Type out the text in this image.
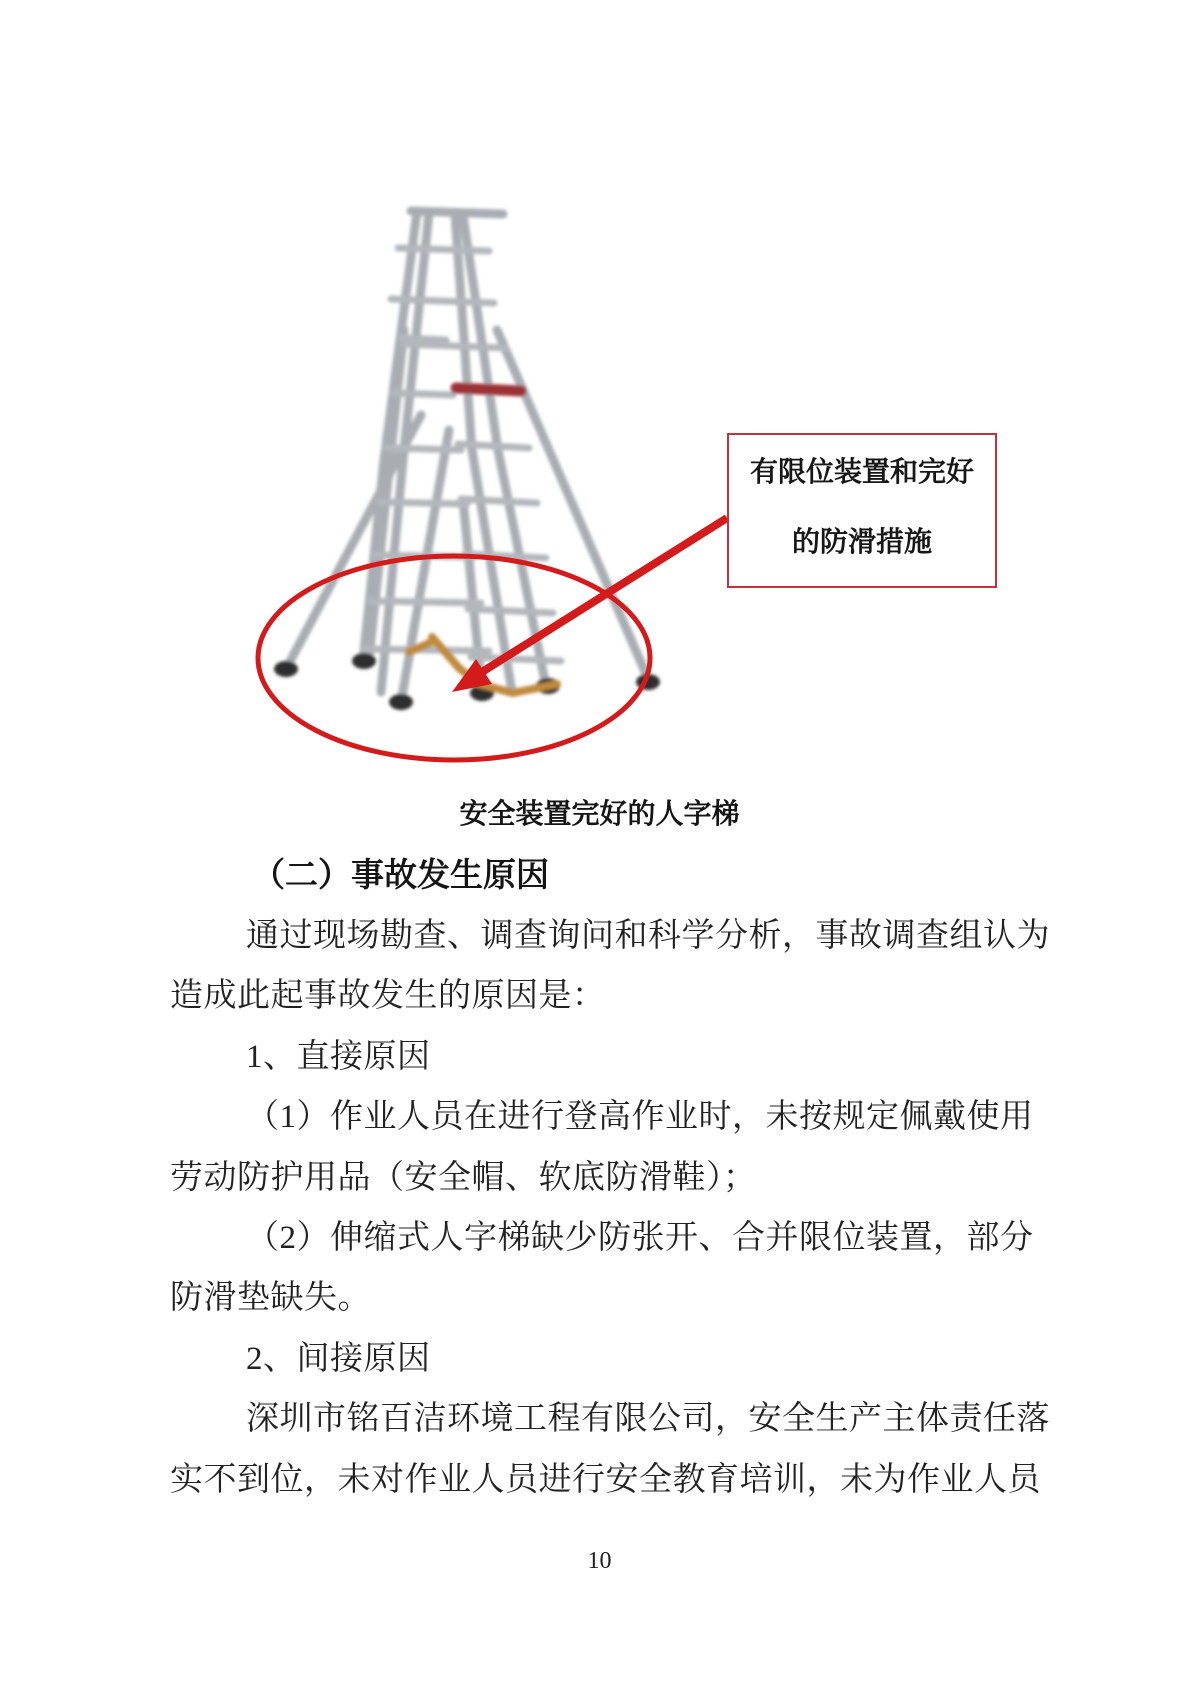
有限位装置和完好
的防滑措施
安全装置完好的人字梯
（二）事故发生原因
通过现场勘查、调查询问和科学分析，事故调查组认为
造成此起事故发生的原因是：
1、直接原因
（1）作业人员在进行登高作业时，未按规定佩戴使用
劳动防护用品（安全帽、软底防滑鞋）；
（2）伸缩式人字梯缺少防张开、合并限位装置，部分
防滑垫缺失。
2、间接原因
深圳市铭百洁环境工程有限公司，安全生产主体责任落
实不到位，未对作业人员进行安全教育培训，未为作业人员
10
